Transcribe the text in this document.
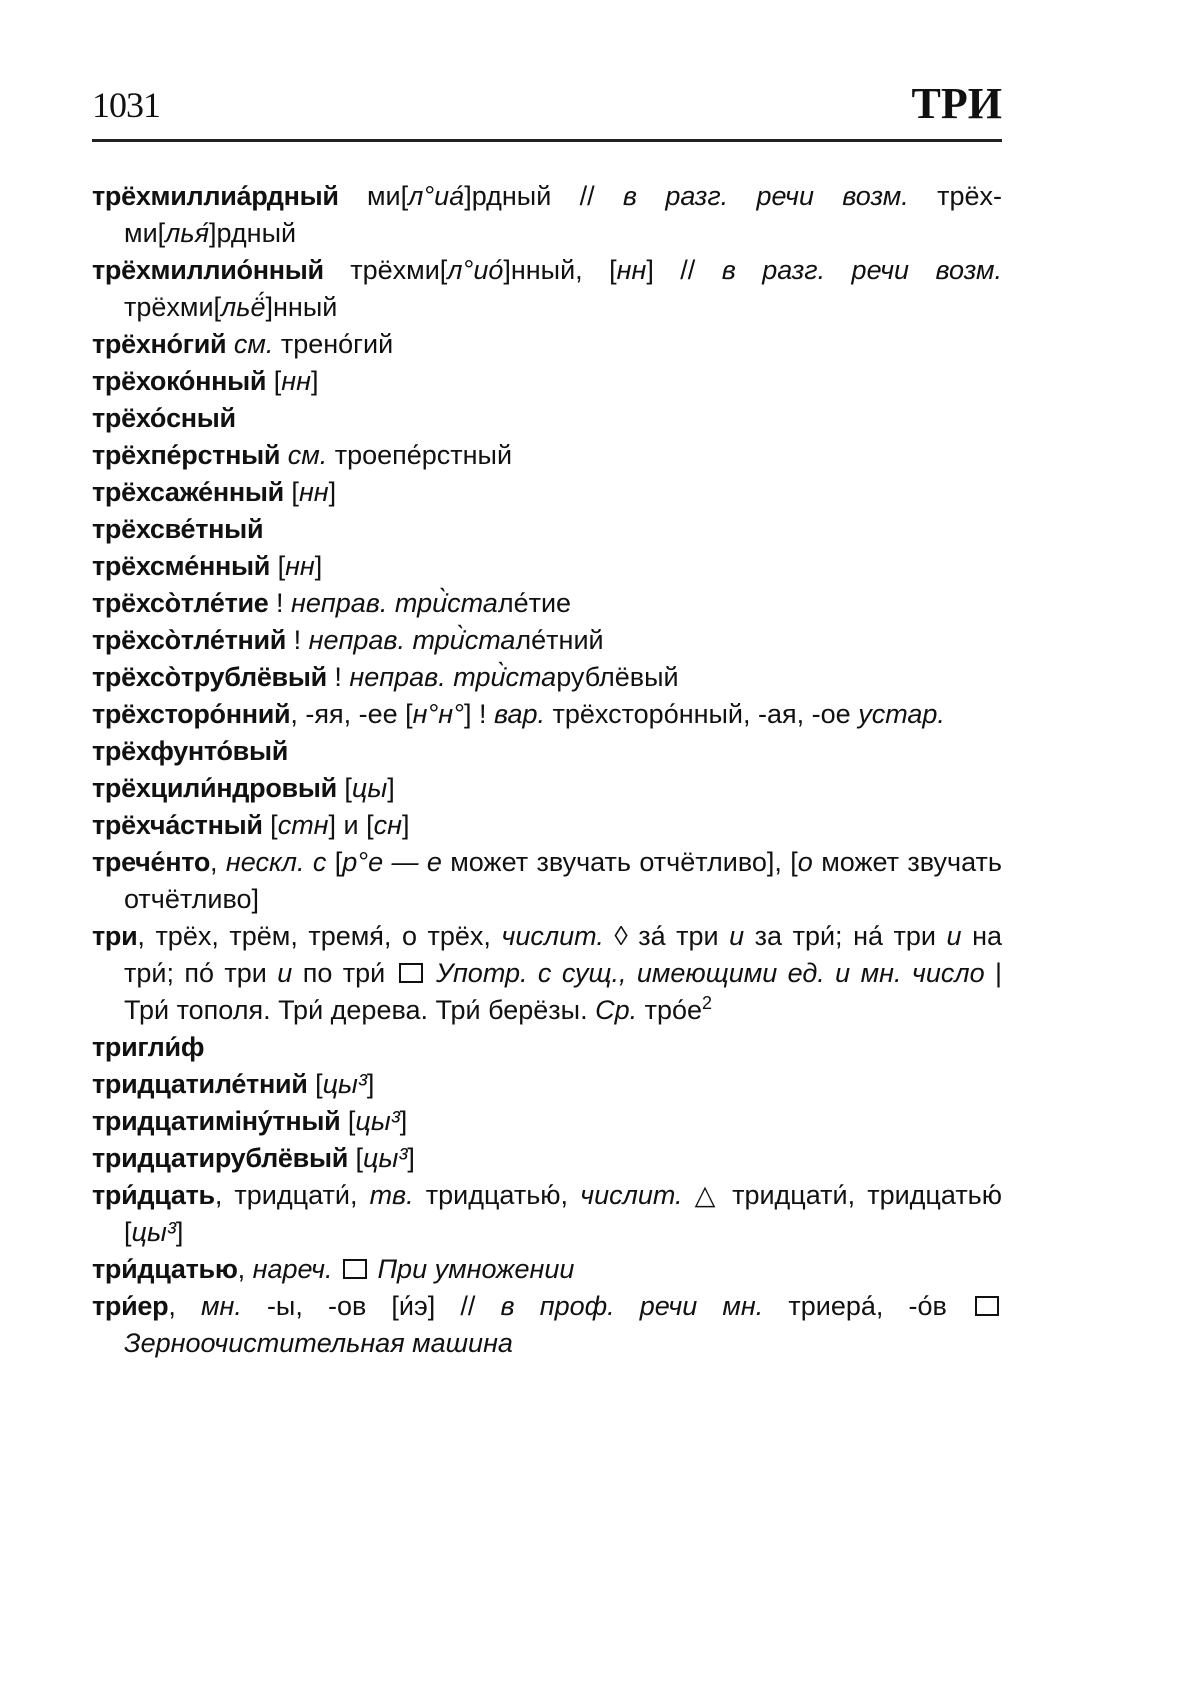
1031	ТРИ

трёхмиллиа́рдный ми[л°иа́]рдный // в разг. речи возм. трёх-ми[лья́]рдный

трёхмиллио́нный трёхми[л°ио́]нный, [нн] // в разг. речи возм. трёхми[льё́]нный

трёхно́гий см. трено́гий

трёхоко́нный [нн]

трёхо́сный

трёхпе́рстный см. троепе́рстный

трёхсаже́нный [нн]

трёхсве́тный

трёхсме́нный [нн]

трёхсо̀тле́тие ! неправ. три̇̀стале́тие

трёхсо̀тле́тний ! неправ. три̇̀стале́тний

трёхсо̀трублёвый ! неправ. три̇̀старублёвый

трёхсторо́нний, -яя, -ее [н°н°] ! вар. трёхсторо́нный, -ая, -ое устар.

трёхфунто́вый

трёхцили́ндровый [цы]

трёхча́стный [стн] и [сн]

трече́нто, нескл. с [р°е — е может звучать отчётливо], [о может звучать отчётливо]

три, трёх, трём, тремя́, о трёх, числит. ◊ за́ три и за три́; на́ три и на три́; по́ три и по три́  Употр. с сущ., имеющими ед. и мн. число | Три́ тополя. Три́ дерева. Три́ берёзы. Ср. $тро́е^2$

тригли́ф

тридцатиле́тний [цы³]

тридцатиміну́тный [цы³]

тридцатирублёвый [цы³]

три́дцать, тридцати́, тв. тридцатью́, числит. △ тридцати́, тридцатью́ [цы³]

три́дцатью, нареч.  При умножении

три́ер, мн. -ы, -ов [и́э] // в проф. речи мн. триера́, -о́в  Зерноочистительная машина
